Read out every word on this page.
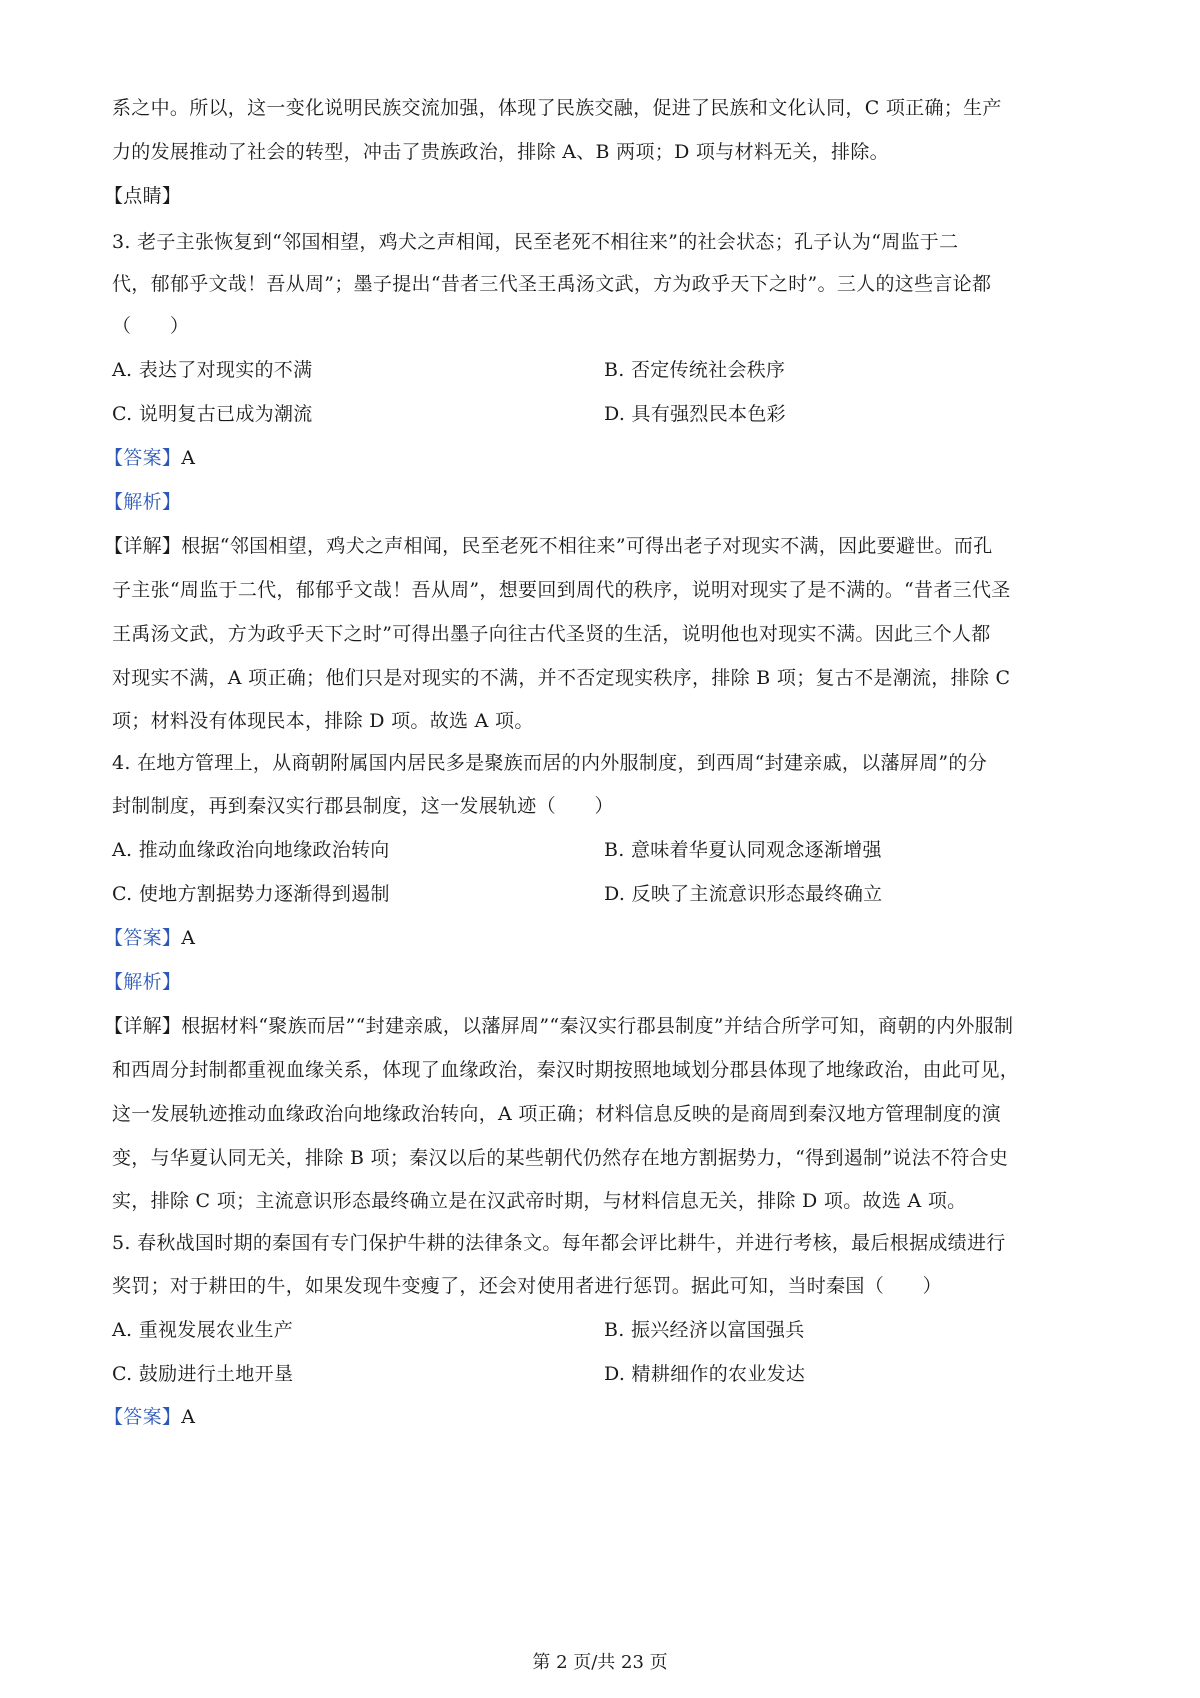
系之中。所以，这一变化说明民族交流加强，体现了民族交融，促进了民族和文化认同，C 项正确；生产
力的发展推动了社会的转型，冲击了贵族政治，排除 A、B 两项；D 项与材料无关，排除。
【点睛】
3. 老子主张恢复到“邻国相望，鸡犬之声相闻，民至老死不相往来”的社会状态；孔子认为“周监于二
代，郁郁乎文哉！吾从周”；墨子提出“昔者三代圣王禹汤文武，方为政乎天下之时”。三人的这些言论都
（　　）
A. 表达了对现实的不满	B. 否定传统社会秩序
C. 说明复古已成为潮流	D. 具有强烈民本色彩
【答案】A
【解析】
【详解】根据“邻国相望，鸡犬之声相闻，民至老死不相往来”可得出老子对现实不满，因此要避世。而孔
子主张“周监于二代，郁郁乎文哉！吾从周”，想要回到周代的秩序，说明对现实了是不满的。“昔者三代圣
王禹汤文武，方为政乎天下之时”可得出墨子向往古代圣贤的生活，说明他也对现实不满。因此三个人都
对现实不满，A 项正确；他们只是对现实的不满，并不否定现实秩序，排除 B 项；复古不是潮流，排除 C
项；材料没有体现民本，排除 D 项。故选 A 项。
4. 在地方管理上，从商朝附属国内居民多是聚族而居的内外服制度，到西周“封建亲戚，以藩屏周”的分
封制制度，再到秦汉实行郡县制度，这一发展轨迹（　　）
A. 推动血缘政治向地缘政治转向	B. 意味着华夏认同观念逐渐增强
C. 使地方割据势力逐渐得到遏制	D. 反映了主流意识形态最终确立
【答案】A
【解析】
【详解】根据材料“聚族而居”“封建亲戚，以藩屏周”“秦汉实行郡县制度”并结合所学可知，商朝的内外服制
和西周分封制都重视血缘关系，体现了血缘政治，秦汉时期按照地域划分郡县体现了地缘政治，由此可见，
这一发展轨迹推动血缘政治向地缘政治转向，A 项正确；材料信息反映的是商周到秦汉地方管理制度的演
变，与华夏认同无关，排除 B 项；秦汉以后的某些朝代仍然存在地方割据势力，“得到遏制”说法不符合史
实，排除 C 项；主流意识形态最终确立是在汉武帝时期，与材料信息无关，排除 D 项。故选 A 项。
5. 春秋战国时期的秦国有专门保护牛耕的法律条文。每年都会评比耕牛，并进行考核，最后根据成绩进行
奖罚；对于耕田的牛，如果发现牛变瘦了，还会对使用者进行惩罚。据此可知，当时秦国（　　）
A. 重视发展农业生产	B. 振兴经济以富国强兵
C. 鼓励进行土地开垦	D. 精耕细作的农业发达
【答案】A
第 2 页/共 23 页
